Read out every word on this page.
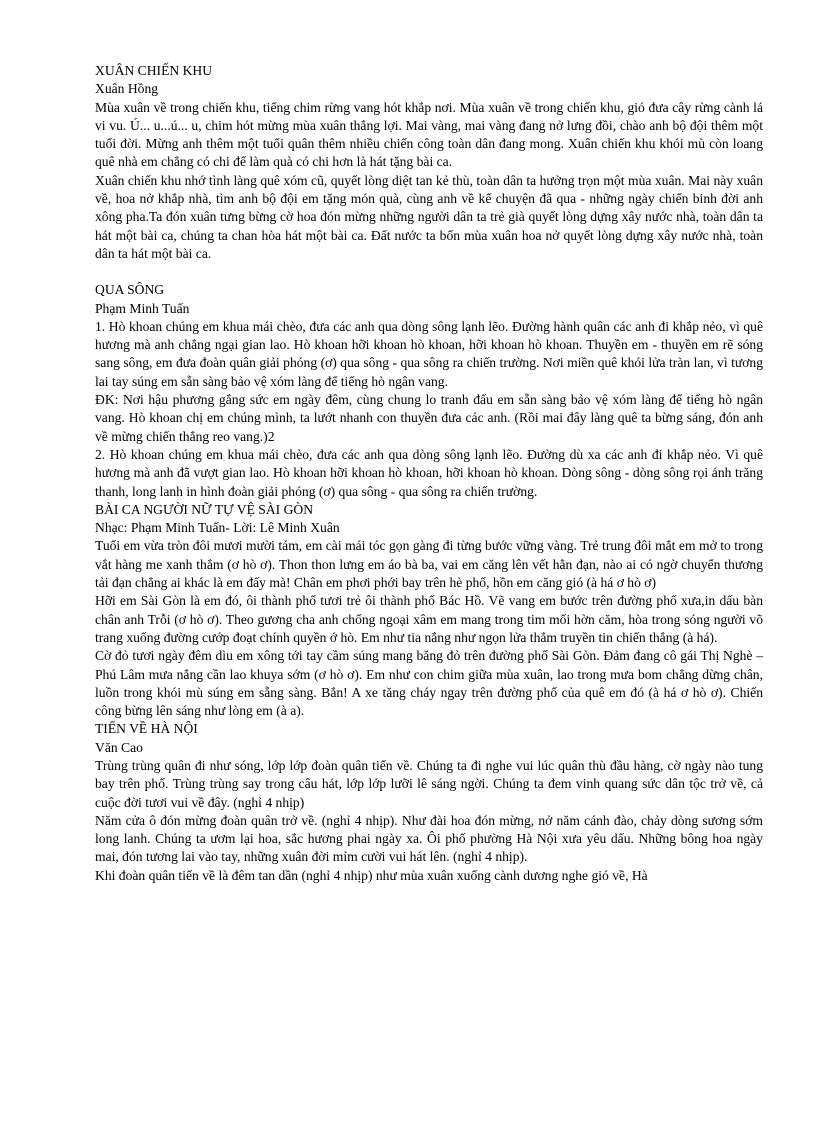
XUÂN CHIẾN KHU

Xuân Hồng

Mùa xuân về trong chiến khu, tiếng chim rừng vang hót khắp nơi. Mùa xuân về trong chiến khu, gió đưa cây rừng cành lá vi vu. Ú... u...ú... u, chim hót mừng mùa xuân thắng lợi. Mai vàng, mai vàng đang nở lưng đồi, chào anh bộ đội thêm một tuổi đời. Mừng anh thêm một tuổi quân thêm nhiều chiến công toàn dân đang mong. Xuân chiến khu khói mù còn loang quê nhà em chẳng có chi để làm quà có chi hơn là hát tặng bài ca.

Xuân chiến khu nhớ tình làng quê xóm cũ, quyết lòng diệt tan kẻ thù, toàn dân ta hưởng trọn một mùa xuân. Mai này xuân về, hoa nở khắp nhà, tìm anh bộ đội em tặng món quà, cùng anh về kể chuyện đã qua - những ngày chiến binh đời anh xông pha.Ta đón xuân tưng bừng cờ hoa đón mừng những người dân ta trẻ già quyết lòng dựng xây nước nhà, toàn dân ta hát một bài ca, chúng ta chan hòa hát một bài ca. Đất nước ta bốn mùa xuân hoa nở quyết lòng dựng xây nước nhà, toàn dân ta hát một bài ca.

QUA SÔNG

Phạm Minh Tuấn

1. Hò khoan chúng em khua mái chèo, đưa các anh qua dòng sông lạnh lẽo. Đường hành quân các anh đi khắp nẻo, vì quê hương mà anh chẳng ngại gian lao. Hò khoan hỡi khoan hò khoan, hỡi khoan hò khoan. Thuyền em - thuyền em rẽ sóng sang sông, em đưa đoàn quân giải phóng (ơ) qua sông - qua sông ra chiến trường. Nơi miền quê khói lửa tràn lan, vì tương lai tay súng em sẵn sàng bảo vệ xóm làng để tiếng hò ngân vang.

ĐK: Nơi hậu phương gắng sức em ngày đêm, cùng chung lo tranh đấu em sẵn sàng bảo vệ xóm làng để tiếng hò ngân vang. Hò khoan chị em chúng mình, ta lướt nhanh con thuyền đưa các anh. (Rồi mai đây làng quê ta bừng sáng, đón anh về mừng chiến thắng reo vang.)2

2. Hò khoan chúng em khua mái chèo, đưa các anh qua dòng sông lạnh lẽo. Đường dù xa các anh đi khắp nẻo. Vì quê hương mà anh đã vượt gian lao. Hò khoan hỡi khoan hò khoan, hỡi khoan hò khoan. Dòng sông - dòng sông rọi ánh trăng thanh, long lanh in hình đoàn giải phóng (ơ) qua sông - qua sông ra chiến trường.

BÀI CA NGƯỜI NỮ TỰ VỆ SÀI GÒN

Nhạc: Phạm Minh Tuấn- Lời: Lê Minh Xuân

Tuổi em vừa tròn đôi mươi mười tám, em cài mái tóc gọn gàng đi từng bước vững vàng. Trẻ trung đôi mắt em mở to trong vắt hàng me xanh thắm (ơ hò ơ). Thon thon lưng em áo bà ba, vai em căng lên vết hằn đạn, nào ai có ngờ chuyển thương tải đạn chẳng ai khác là em đấy mà! Chân em phơi phới bay trên hè phố, hồn em căng gió (à há ơ hò ơ)

Hỡi em Sài Gòn là em đó, ôi thành phố tươi trẻ ôi thành phố Bác Hồ. Vẽ vang em bước trên đường phố xưa,in dấu bàn chân anh Trỗi (ơ hò ơ). Theo gương cha anh chống ngoại xâm em mang trong tim mối hờn căm, hòa trong sóng người võ trang xuống đường cướp đoạt chính quyền ớ hò. Em như tia nắng như ngọn lửa thắm truyền tin chiến thắng (à há).

Cờ đỏ tươi ngày đêm dìu em xông tới tay cầm súng mang băng đỏ trên đường phố Sài Gòn. Đảm đang cô gái Thị Nghè – Phú Lâm mưa nắng cần lao khuya sớm (ơ hò ơ). Em như con chim giữa mùa xuân, lao trong mưa bom chẳng dừng chân, luồn trong khói mù súng em sẵng sàng. Bắn! A xe tăng cháy ngay trên đường phố của quê em đó (à há ơ hò ơ). Chiến công bừng lên sáng như lòng em (à a).

TIẾN VỀ HÀ NỘI

Văn Cao

Trùng trùng quân đi như sóng, lớp lớp đoàn quân tiến về. Chúng ta đi nghe vui lúc quân thù đầu hàng, cờ ngày nào tung bay trên phố. Trùng trùng say trong câu hát, lớp lớp lưỡi lê sáng ngời. Chúng ta đem vinh quang sức dân tộc trở về, cả cuộc đời tươi vui về đây. (nghỉ 4 nhịp)

Năm cửa ô đón mừng đoàn quân trở về. (nghỉ 4 nhịp). Như đài hoa đón mừng, nở năm cánh đào, chảy dòng sương sớm long lanh. Chúng ta ươm lại hoa, sắc hương phai ngày xa. Ôi phố phường Hà Nội xưa yêu dấu. Những bông hoa ngày mai, đón tương lai vào tay, những xuân đời mỉm cười vui hát lên. (nghỉ 4 nhịp).

Khi đoàn quân tiến về là đêm tan dần (nghỉ 4 nhịp) như mùa xuân xuống cành dương nghe gió về, Hà
